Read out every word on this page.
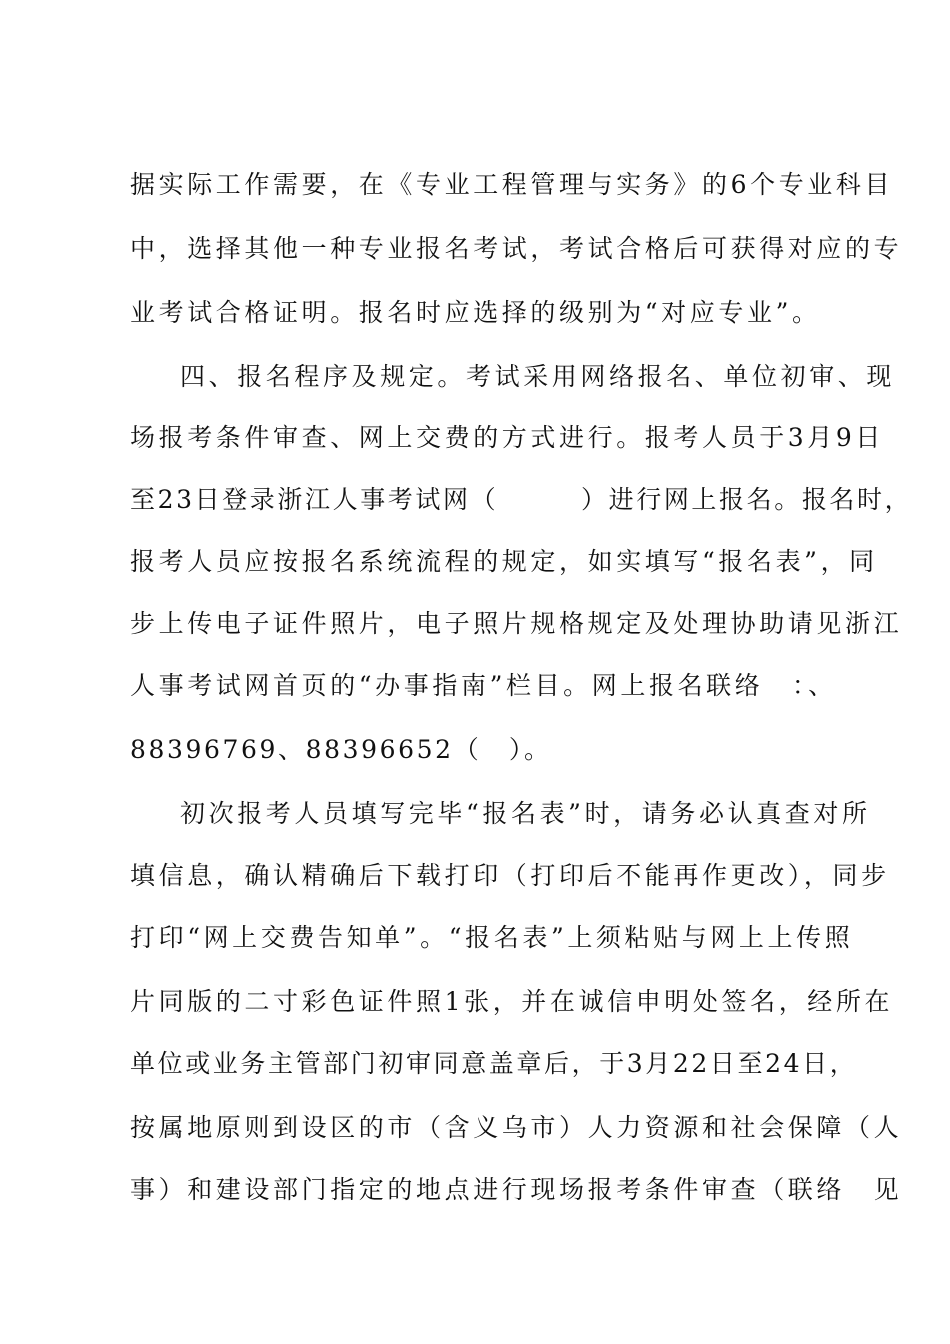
据实际工作需要，在《专业工程管理与实务》的6个专业科目
中，选择其他一种专业报名考试，考试合格后可获得对应的专
业考试合格证明。报名时应选择的级别为“对应专业”。
四、报名程序及规定。考试采用网络报名、单位初审、现
场报考条件审查、网上交费的方式进行。报考人员于3月9日
至23日登录浙江人事考试网（　　　）进行网上报名。报名时，
报考人员应按报名系统流程的规定，如实填写“报名表”，同
步上传电子证件照片，电子照片规格规定及处理协助请见浙江
人事考试网首页的“办事指南”栏目。网上报名联络　：、
88396769、88396652（　）。
初次报考人员填写完毕“报名表”时，请务必认真查对所
填信息，确认精确后下载打印（打印后不能再作更改），同步
打印“网上交费告知单”。“报名表”上须粘贴与网上上传照
片同版的二寸彩色证件照1张，并在诚信申明处签名，经所在
单位或业务主管部门初审同意盖章后，于3月22日至24日，
按属地原则到设区的市（含义乌市）人力资源和社会保障（人
事）和建设部门指定的地点进行现场报考条件审查（联络　见
